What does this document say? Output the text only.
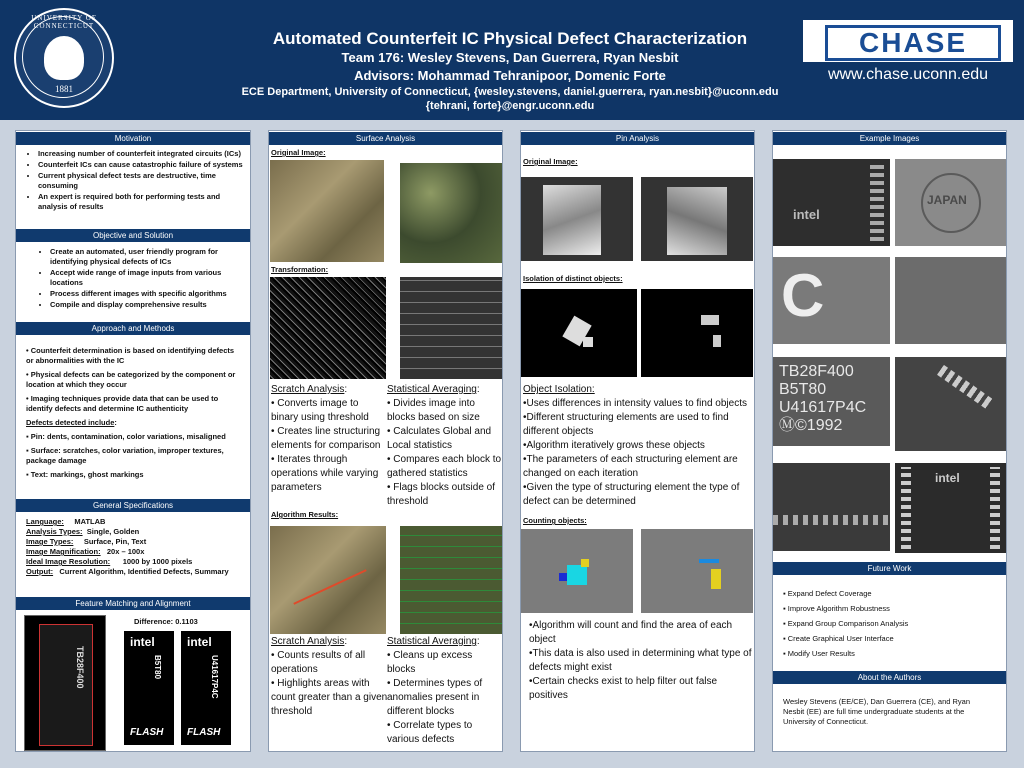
UNIVERSITY OF CONNECTICUT
1881
Automated Counterfeit IC Physical Defect Characterization
Team 176: Wesley Stevens, Dan Guerrera, Ryan Nesbit
Advisors: Mohammad Tehranipoor, Domenic Forte
ECE Department, University of Connecticut, {wesley.stevens, daniel.guerrera, ryan.nesbit}@uconn.edu
{tehrani, forte}@engr.uconn.edu
CHASE
www.chase.uconn.edu
Motivation
• Increasing number of counterfeit integrated circuits (ICs)
• Counterfeit ICs can cause catastrophic failure of systems
• Current physical defect tests are destructive, time consuming
• An expert is required both for performing tests and analysis of results
Objective and Solution
• Create an automated, user friendly program for identifying physical defects of ICs
• Accept wide range of image inputs from various locations
• Process different images with specific algorithms
• Compile and display comprehensive results
Approach and Methods

• Counterfeit determination is based on identifying defects or abnormalities with the IC

• Physical defects can be categorized by the component or location at which they occur

• Imaging techniques provide data that can be used to identify defects and determine IC authenticity

Defects detected include:

▪ Pin: dents, contamination, color variations, misaligned

▪ Surface: scratches, color variation, improper textures, package damage

▪ Text: markings, ghost markings

General Specifications
Language: MATLAB
Analysis Types: Single, Golden
Image Types: Surface, Pin, Text
Image Magnification: 20x – 100x
Ideal Image Resolution: 1000 by 1000 pixels
Output: Current Algorithm, Identified Defects, Summary
Feature Matching and Alignment
Difference: 0.1103
TB28F400
intel
B5T80
FLASH
intel
U41617P4C
FLASH
Surface Analysis
Original Image:
Transformation:
Scratch Analysis:
• Converts image to binary using threshold
• Creates line structuring elements for comparison
• Iterates through operations while varying parameters
Statistical Averaging:
• Divides image into blocks based on size
• Calculates Global and Local statistics
• Compares each block to gathered statistics
• Flags blocks outside of threshold
Algorithm Results:
Scratch Analysis:
• Counts results of all operations
• Highlights areas with count greater than a given threshold
Statistical Averaging:
• Cleans up excess blocks
• Determines types of anomalies present in different blocks
• Correlate types to various defects
Pin Analysis
Original Image:
Isolation of distinct objects:
Object Isolation:
•Uses differences in intensity values to find objects
•Different structuring elements are used to find different objects
•Algorithm iteratively grows these objects
•The parameters of each structuring element are changed on each iteration
•Given the type of structuring element the type of defect can be determined
Counting objects:
•Algorithm will count and find the area of each object
•This data is also used in determining what type of defects might exist
•Certain checks exist to help filter out false positives
Example Images
intel
JAPAN
C
TB28F400
B5T80
U41617P4C
Ⓜ©1992
intel
Future Work
▪ Expand Defect Coverage
▪ Improve Algorithm Robustness
▪ Expand Group Comparison Analysis
▪ Create Graphical User Interface
▪ Modify User Results
About the Authors
Wesley Stevens (EE/CE), Dan Guerrera (CE), and Ryan Nesbit (EE) are full time undergraduate students at the University of Connecticut.
